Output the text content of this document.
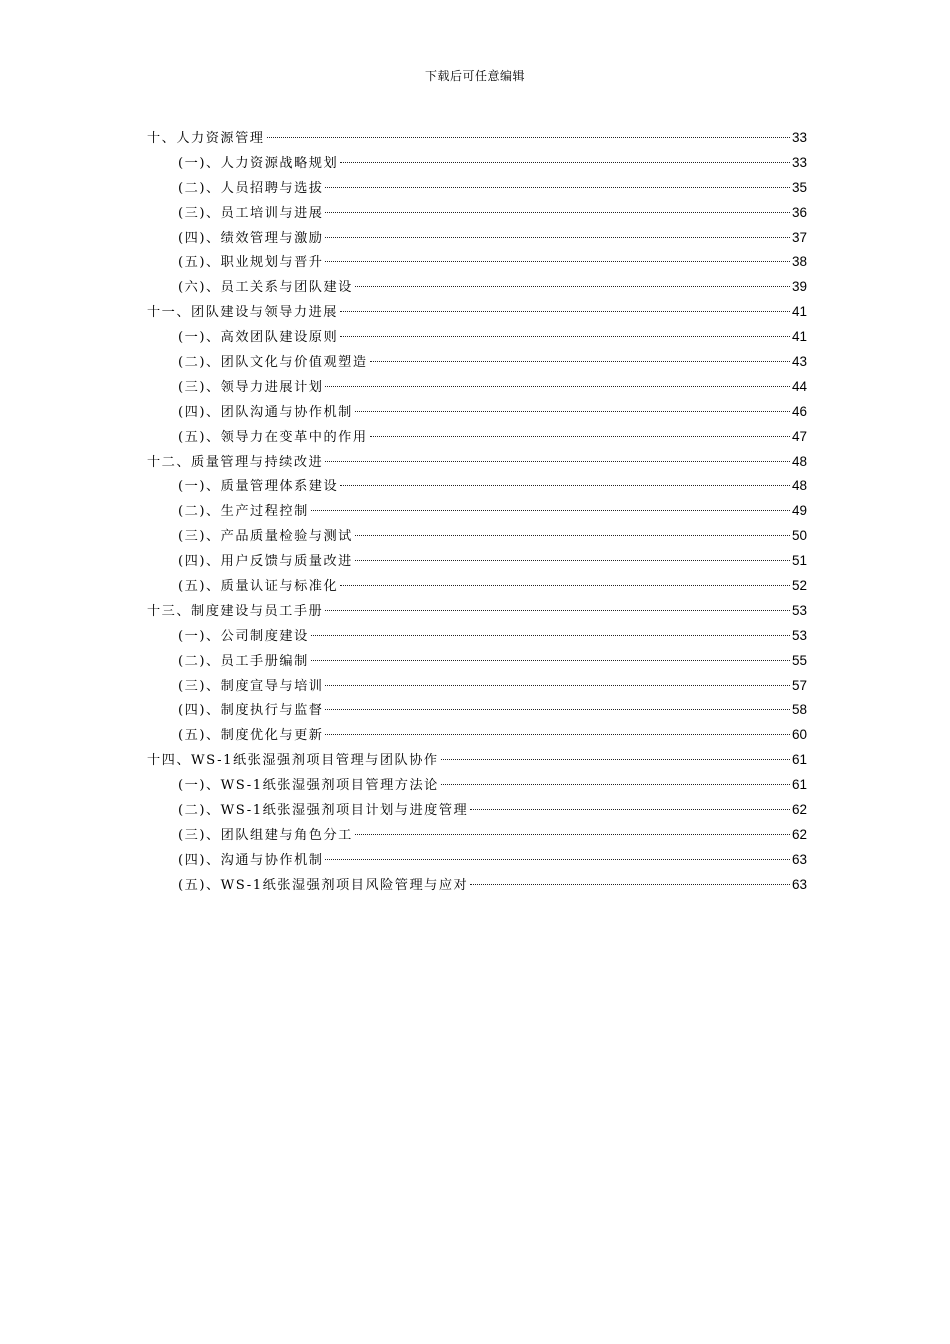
下载后可任意编辑
十、人力资源管理	33
(一)、人力资源战略规划	33
(二)、人员招聘与选拔	35
(三)、员工培训与进展	36
(四)、绩效管理与激励	37
(五)、职业规划与晋升	38
(六)、员工关系与团队建设	39
十一、团队建设与领导力进展	41
(一)、高效团队建设原则	41
(二)、团队文化与价值观塑造	43
(三)、领导力进展计划	44
(四)、团队沟通与协作机制	46
(五)、领导力在变革中的作用	47
十二、质量管理与持续改进	48
(一)、质量管理体系建设	48
(二)、生产过程控制	49
(三)、产品质量检验与测试	50
(四)、用户反馈与质量改进	51
(五)、质量认证与标准化	52
十三、制度建设与员工手册	53
(一)、公司制度建设	53
(二)、员工手册编制	55
(三)、制度宣导与培训	57
(四)、制度执行与监督	58
(五)、制度优化与更新	60
十四、WS-1纸张湿强剂项目管理与团队协作	61
(一)、WS-1纸张湿强剂项目管理方法论	61
(二)、WS-1纸张湿强剂项目计划与进度管理	62
(三)、团队组建与角色分工	62
(四)、沟通与协作机制	63
(五)、WS-1纸张湿强剂项目风险管理与应对	63
